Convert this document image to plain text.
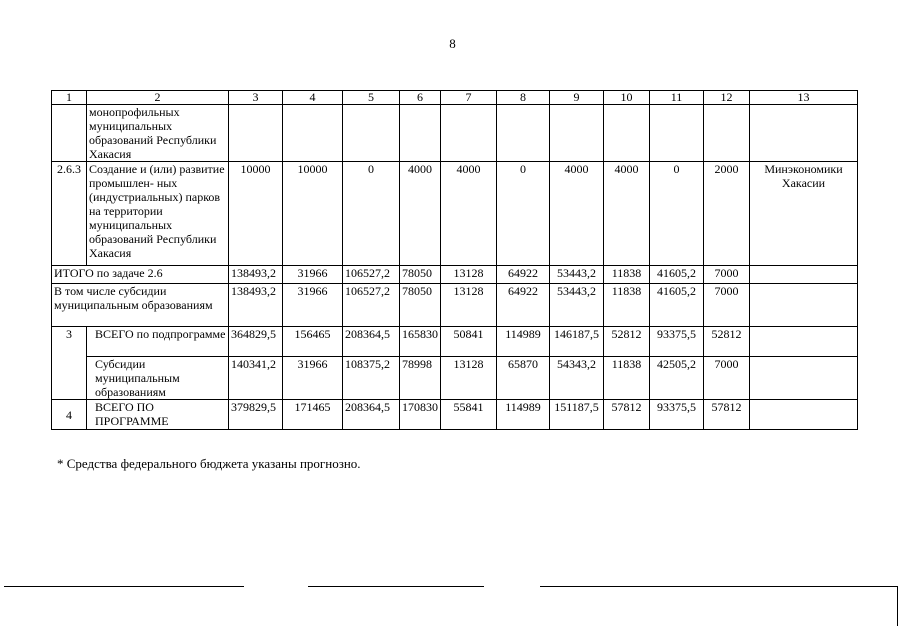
8
1	2	3	4	5	6	7	8	9	10	11	12	13
	монопрофильных муниципальных образований Республики Хакасия											
2.6.3	Создание и (или) развитие промышлен- ных (индустриальных) парков на территории муниципальных образований Республики Хакасия	10000	10000	0	4000	4000	0	4000	4000	0	2000	Минэкономики
Хакасии
ИТОГО по задаче 2.6		138493,2	31966	106527,2	78050	13128	64922	53443,2	11838	41605,2	7000	
В том числе субсидии муниципальным образованиям		138493,2	31966	106527,2	78050	13128	64922	53443,2	11838	41605,2	7000	
3	ВСЕГО по подпрограмме	364829,5	156465	208364,5	165830	50841	114989	146187,5	52812	93375,5	52812	
	Субсидии муниципальным образованиям	140341,2	31966	108375,2	78998	13128	65870	54343,2	11838	42505,2	7000	
4	ВСЕГО ПО ПРОГРАММЕ	379829,5	171465	208364,5	170830	55841	114989	151187,5	57812	93375,5	57812	
* Средства федерального бюджета указаны прогнозно.
